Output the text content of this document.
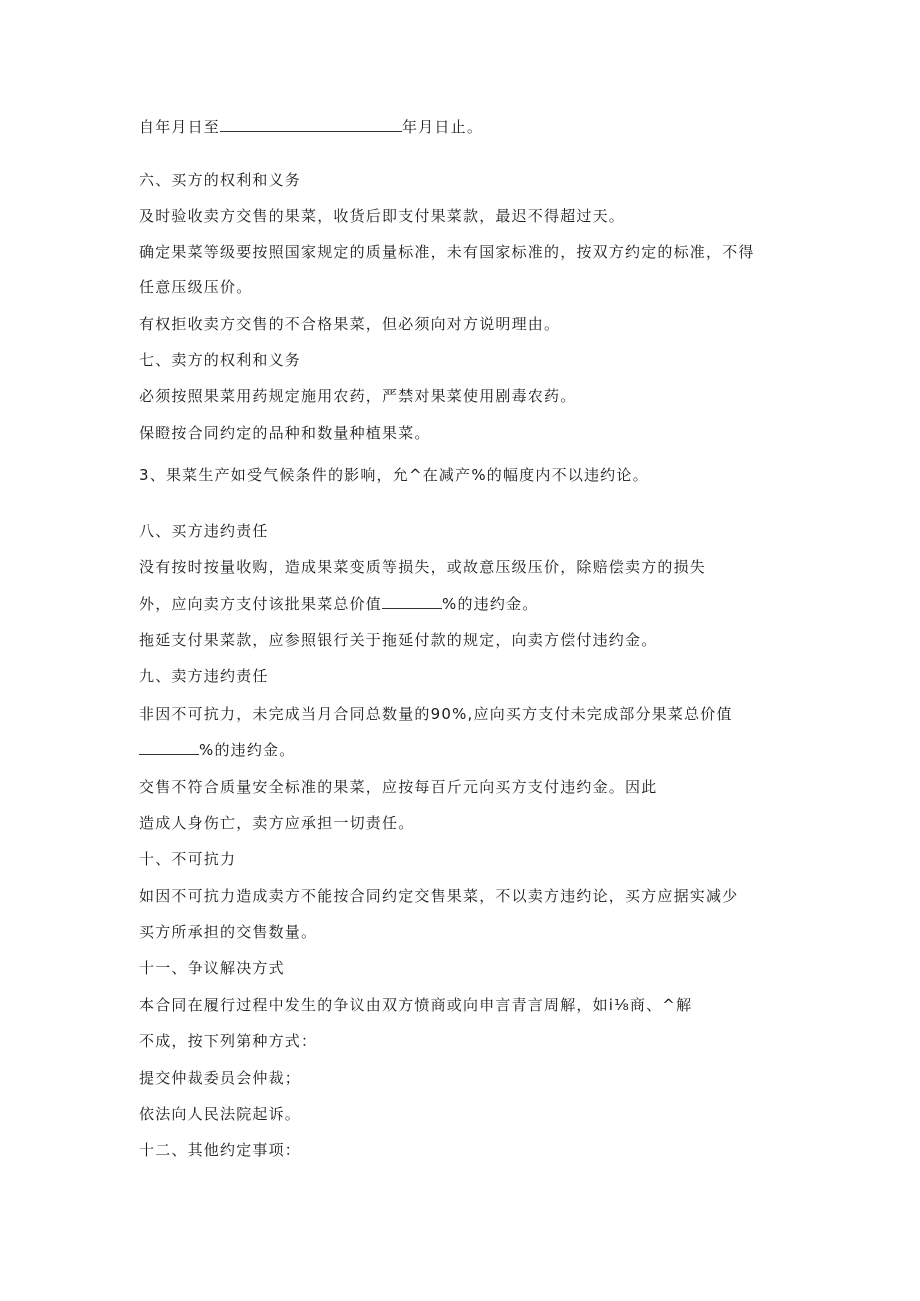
自年月日至	年月日止。
六、买方的权利和义务
及时验收卖方交售的果菜，收货后即支付果菜款，最迟不得超过天。
确定果菜等级要按照国家规定的质量标准，未有国家标准的，按双方约定的标准，不得
任意压级压价。
有权拒收卖方交售的不合格果菜，但必须向对方说明理由。
七、卖方的权利和义务
必须按照果菜用药规定施用农药，严禁对果菜使用剧毒农药。
保瞪按合同约定的品种和数量种植果菜。
3、果菜生产如受气候条件的影响，允^在减产%的幅度内不以违约论。
八、买方违约责任
没有按时按量收购，造成果菜变质等损失，或故意压级压价，除赔偿卖方的损失
外，应向卖方支付该批果菜总价值	%的违约金。
拖延支付果菜款，应参照银行关于拖延付款的规定，向卖方偿付违约金。
九、卖方违约责任
非因不可抗力，未完成当月合同总数量的90%,应向买方支付未完成部分果菜总价值
%的违约金。
交售不符合质量安全标准的果菜，应按每百斤元向买方支付违约金。因此
造成人身伤亡，卖方应承担一切责任。
十、不可抗力
如因不可抗力造成卖方不能按合同约定交售果菜，不以卖方违约论，买方应据实减少
买方所承担的交售数量。
十一、争议解决方式
本合同在履行过程中发生的争议由双方愤商或向申言青言周解，如i⅛商、^解
不成，按下列第种方式：
提交仲裁委员会仲裁；
依法向人民法院起诉。
十二、其他约定事项：
